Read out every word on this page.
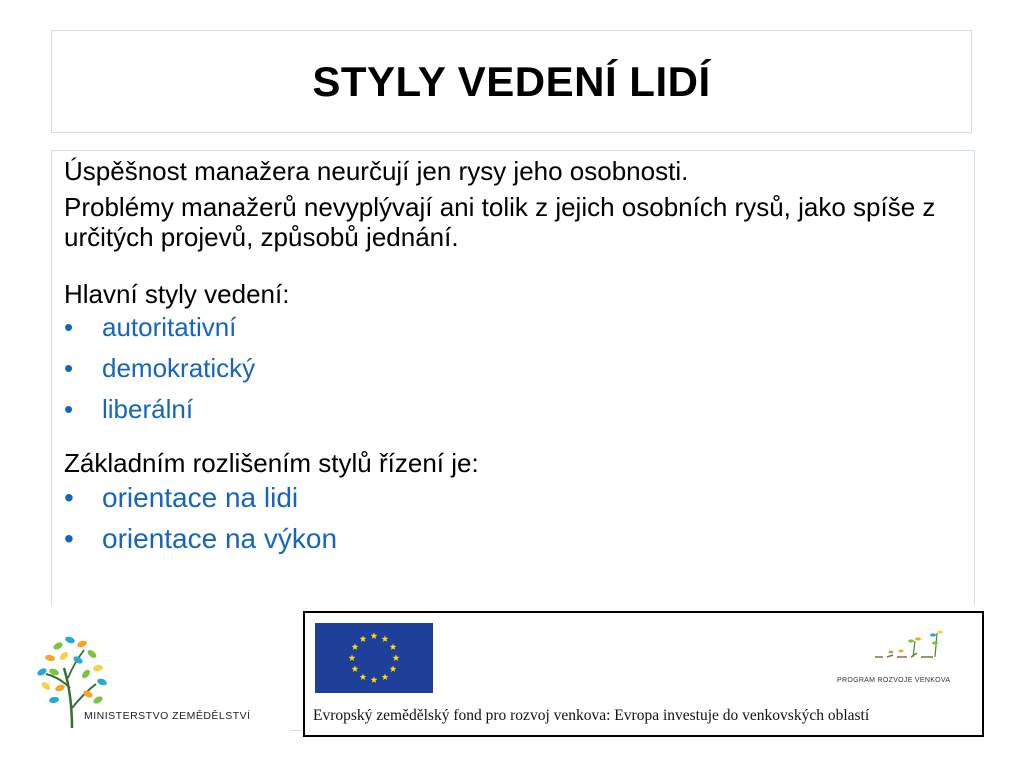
STYLY VEDENÍ LIDÍ

Úspěšnost manažera neurčují jen rysy jeho osobnosti.

Problémy manažerů nevyplývají ani tolik z jejich osobních rysů, jako spíše z určitých projevů, způsobů jednání.

Hlavní styly vedení:

•	autoritativní
•	demokratický
•	liberální

Základním rozlišením stylů řízení je:

•	orientace na lidi
•	orientace na výkon
MINISTERSTVO ZEMĚDĚLSTVÍ
PROGRAM ROZVOJE VENKOVA
Evropský zemědělský fond pro rozvoj venkova: Evropa investuje do venkovských oblastí
